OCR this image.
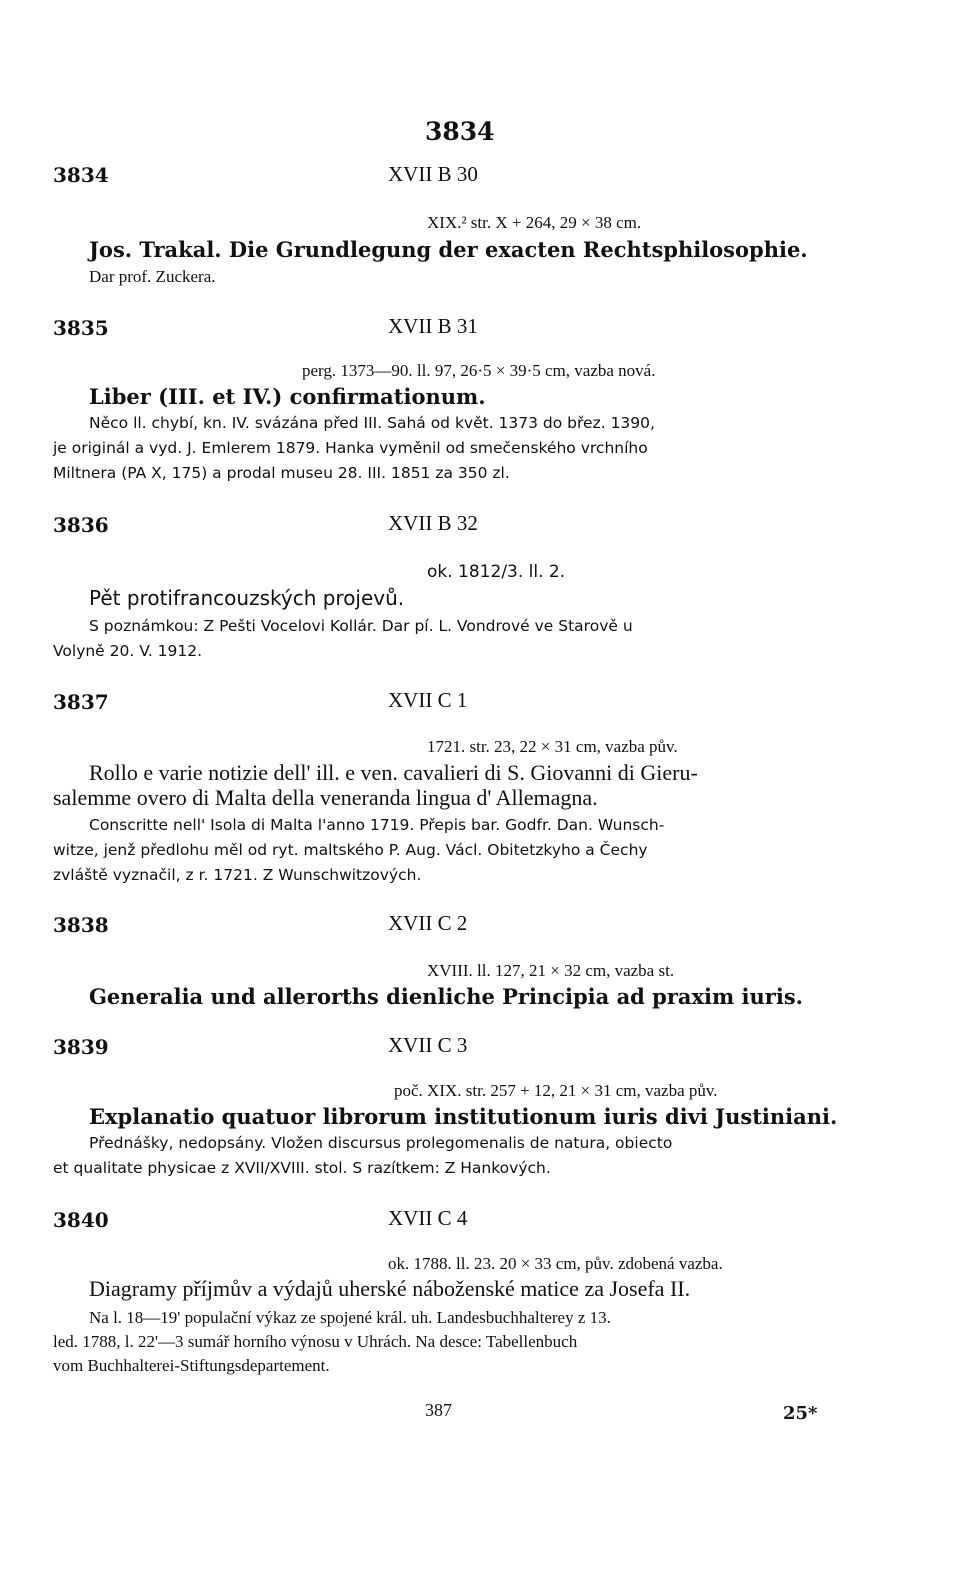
3834
3834	XVII B 30
XIX.² str. X + 264, 29 × 38 cm.
Jos. Trakal. Die Grundlegung der exacten Rechtsphilosophie.
Dar prof. Zuckera.
3835	XVII B 31
perg. 1373—90. ll. 97, 26·5 × 39·5 cm, vazba nová.
Liber (III. et IV.) confirmationum.
Něco ll. chybí, kn. IV. svázána před III. Sahá od květ. 1373 do břez. 1390,
je originál a vyd. J. Emlerem 1879. Hanka vyměnil od smečenského vrchního
Miltnera (PA X, 175) a prodal museu 28. III. 1851 za 350 zl.
3836	XVII B 32
ok. 1812/3. ll. 2.
Pět protifrancouzských projevů.
S poznámkou: Z Pešti Vocelovi Kollár. Dar pí. L. Vondrové ve Starově u
Volyně 20. V. 1912.
3837	XVII C 1
1721. str. 23, 22 × 31 cm, vazba pův.
Rollo e varie notizie dell' ill. e ven. cavalieri di S. Giovanni di Gieru-
salemme overo di Malta della veneranda lingua d' Allemagna.
Conscritte nell' Isola di Malta l'anno 1719. Přepis bar. Godfr. Dan. Wunsch-
witze, jenž předlohu měl od ryt. maltského P. Aug. Václ. Obitetzkyho a Čechy
zvláště vyznačil, z r. 1721. Z Wunschwitzových.
3838	XVII C 2
XVIII. ll. 127, 21 × 32 cm, vazba st.
Generalia und allerorths dienliche Principia ad praxim iuris.
3839	XVII C 3
poč. XIX. str. 257 + 12, 21 × 31 cm, vazba pův.
Explanatio quatuor librorum institutionum iuris divi Justiniani.
Přednášky, nedopsány. Vložen discursus prolegomenalis de natura, obiecto
et qualitate physicae z XVII/XVIII. stol. S razítkem: Z Hankových.
3840	XVII C 4
ok. 1788. ll. 23. 20 × 33 cm, pův. zdobená vazba.
Diagramy příjmův a výdajů uherské náboženské matice za Josefa II.
Na l. 18—19' populační výkaz ze spojené král. uh. Landesbuchhalterey z 13.
led. 1788, l. 22'—3 sumář horního výnosu v Uhrách. Na desce: Tabellenbuch
vom Buchhalterei-Stiftungsdepartement.
387	25*
